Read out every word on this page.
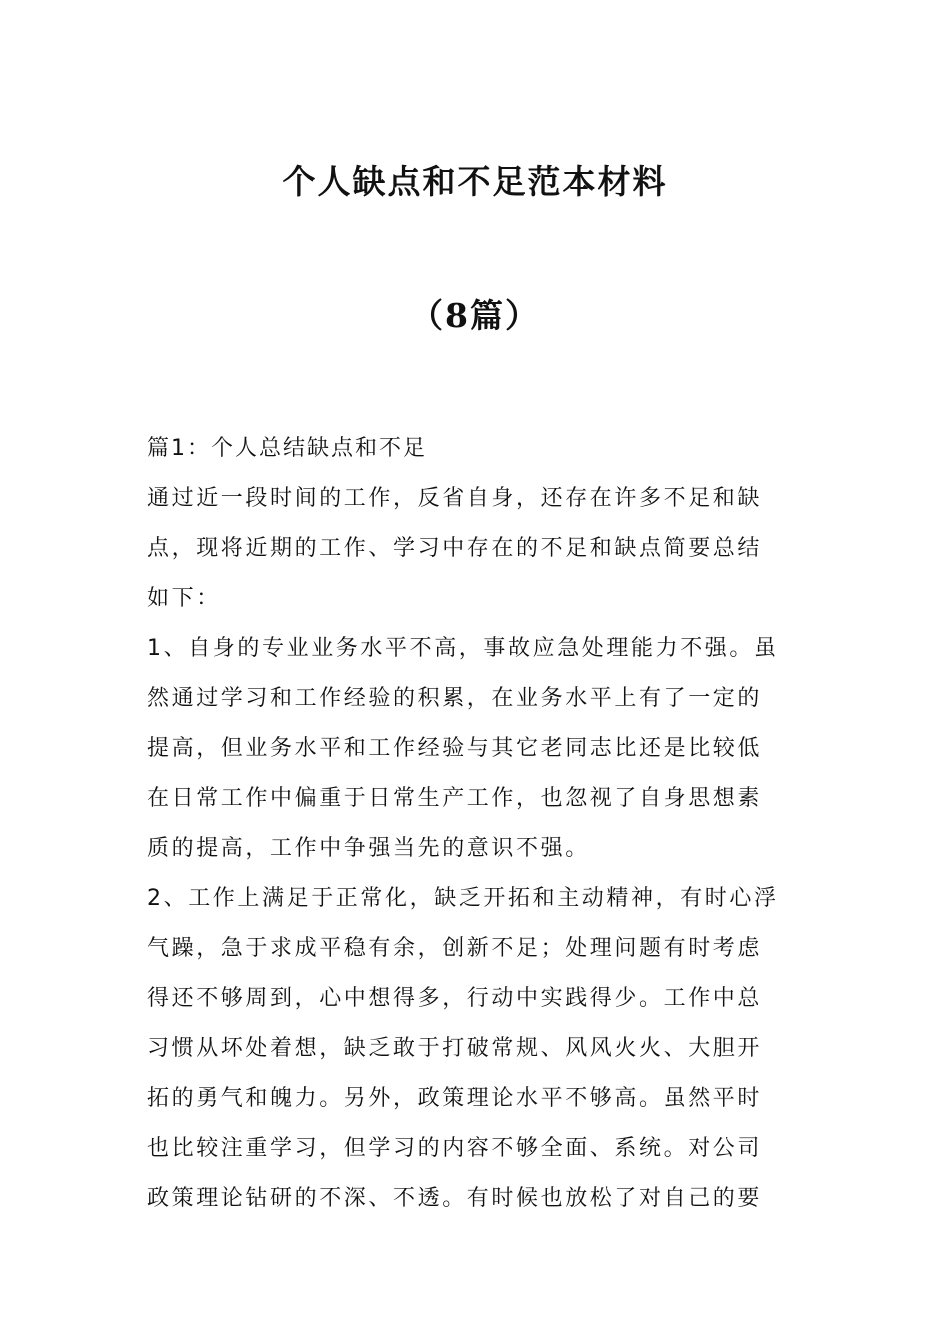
个人缺点和不足范本材料
（8篇）
篇1：个人总结缺点和不足
通过近一段时间的工作，反省自身，还存在许多不足和缺
点，现将近期的工作、学习中存在的不足和缺点简要总结
如下：
1、自身的专业业务水平不高，事故应急处理能力不强。虽
然通过学习和工作经验的积累，在业务水平上有了一定的
提高，但业务水平和工作经验与其它老同志比还是比较低
在日常工作中偏重于日常生产工作，也忽视了自身思想素
质的提高，工作中争强当先的意识不强。
2、工作上满足于正常化，缺乏开拓和主动精神，有时心浮
气躁，急于求成平稳有余，创新不足；处理问题有时考虑
得还不够周到，心中想得多，行动中实践得少。工作中总
习惯从坏处着想，缺乏敢于打破常规、风风火火、大胆开
拓的勇气和魄力。另外，政策理论水平不够高。虽然平时
也比较注重学习，但学习的内容不够全面、系统。对公司
政策理论钻研的不深、不透。有时候也放松了对自己的要
